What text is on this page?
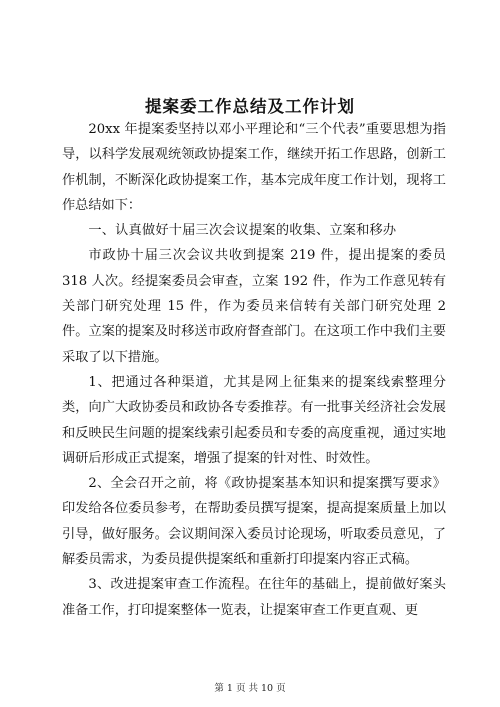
提案委工作总结及工作计划

20xx 年提案委坚持以邓小平理论和“三个代表”重要思想为指导，以科学发展观统领政协提案工作，继续开拓工作思路，创新工作机制，不断深化政协提案工作，基本完成年度工作计划，现将工作总结如下：

一、认真做好十届三次会议提案的收集、立案和移办

市政协十届三次会议共收到提案 219 件，提出提案的委员 318 人次。经提案委员会审查，立案 192 件，作为工作意见转有关部门研究处理 15 件，作为委员来信转有关部门研究处理 2 件。立案的提案及时移送市政府督查部门。在这项工作中我们主要采取了以下措施。

1、把通过各种渠道，尤其是网上征集来的提案线索整理分类，向广大政协委员和政协各专委推荐。有一批事关经济社会发展和反映民生问题的提案线索引起委员和专委的高度重视，通过实地调研后形成正式提案，增强了提案的针对性、时效性。

2、全会召开之前，将《政协提案基本知识和提案撰写要求》印发给各位委员参考，在帮助委员撰写提案，提高提案质量上加以引导，做好服务。会议期间深入委员讨论现场，听取委员意见，了解委员需求，为委员提供提案纸和重新打印提案内容正式稿。

3、改进提案审查工作流程。在往年的基础上，提前做好案头准备工作，打印提案整体一览表，让提案审查工作更直观、更

第 1 页 共 10 页
